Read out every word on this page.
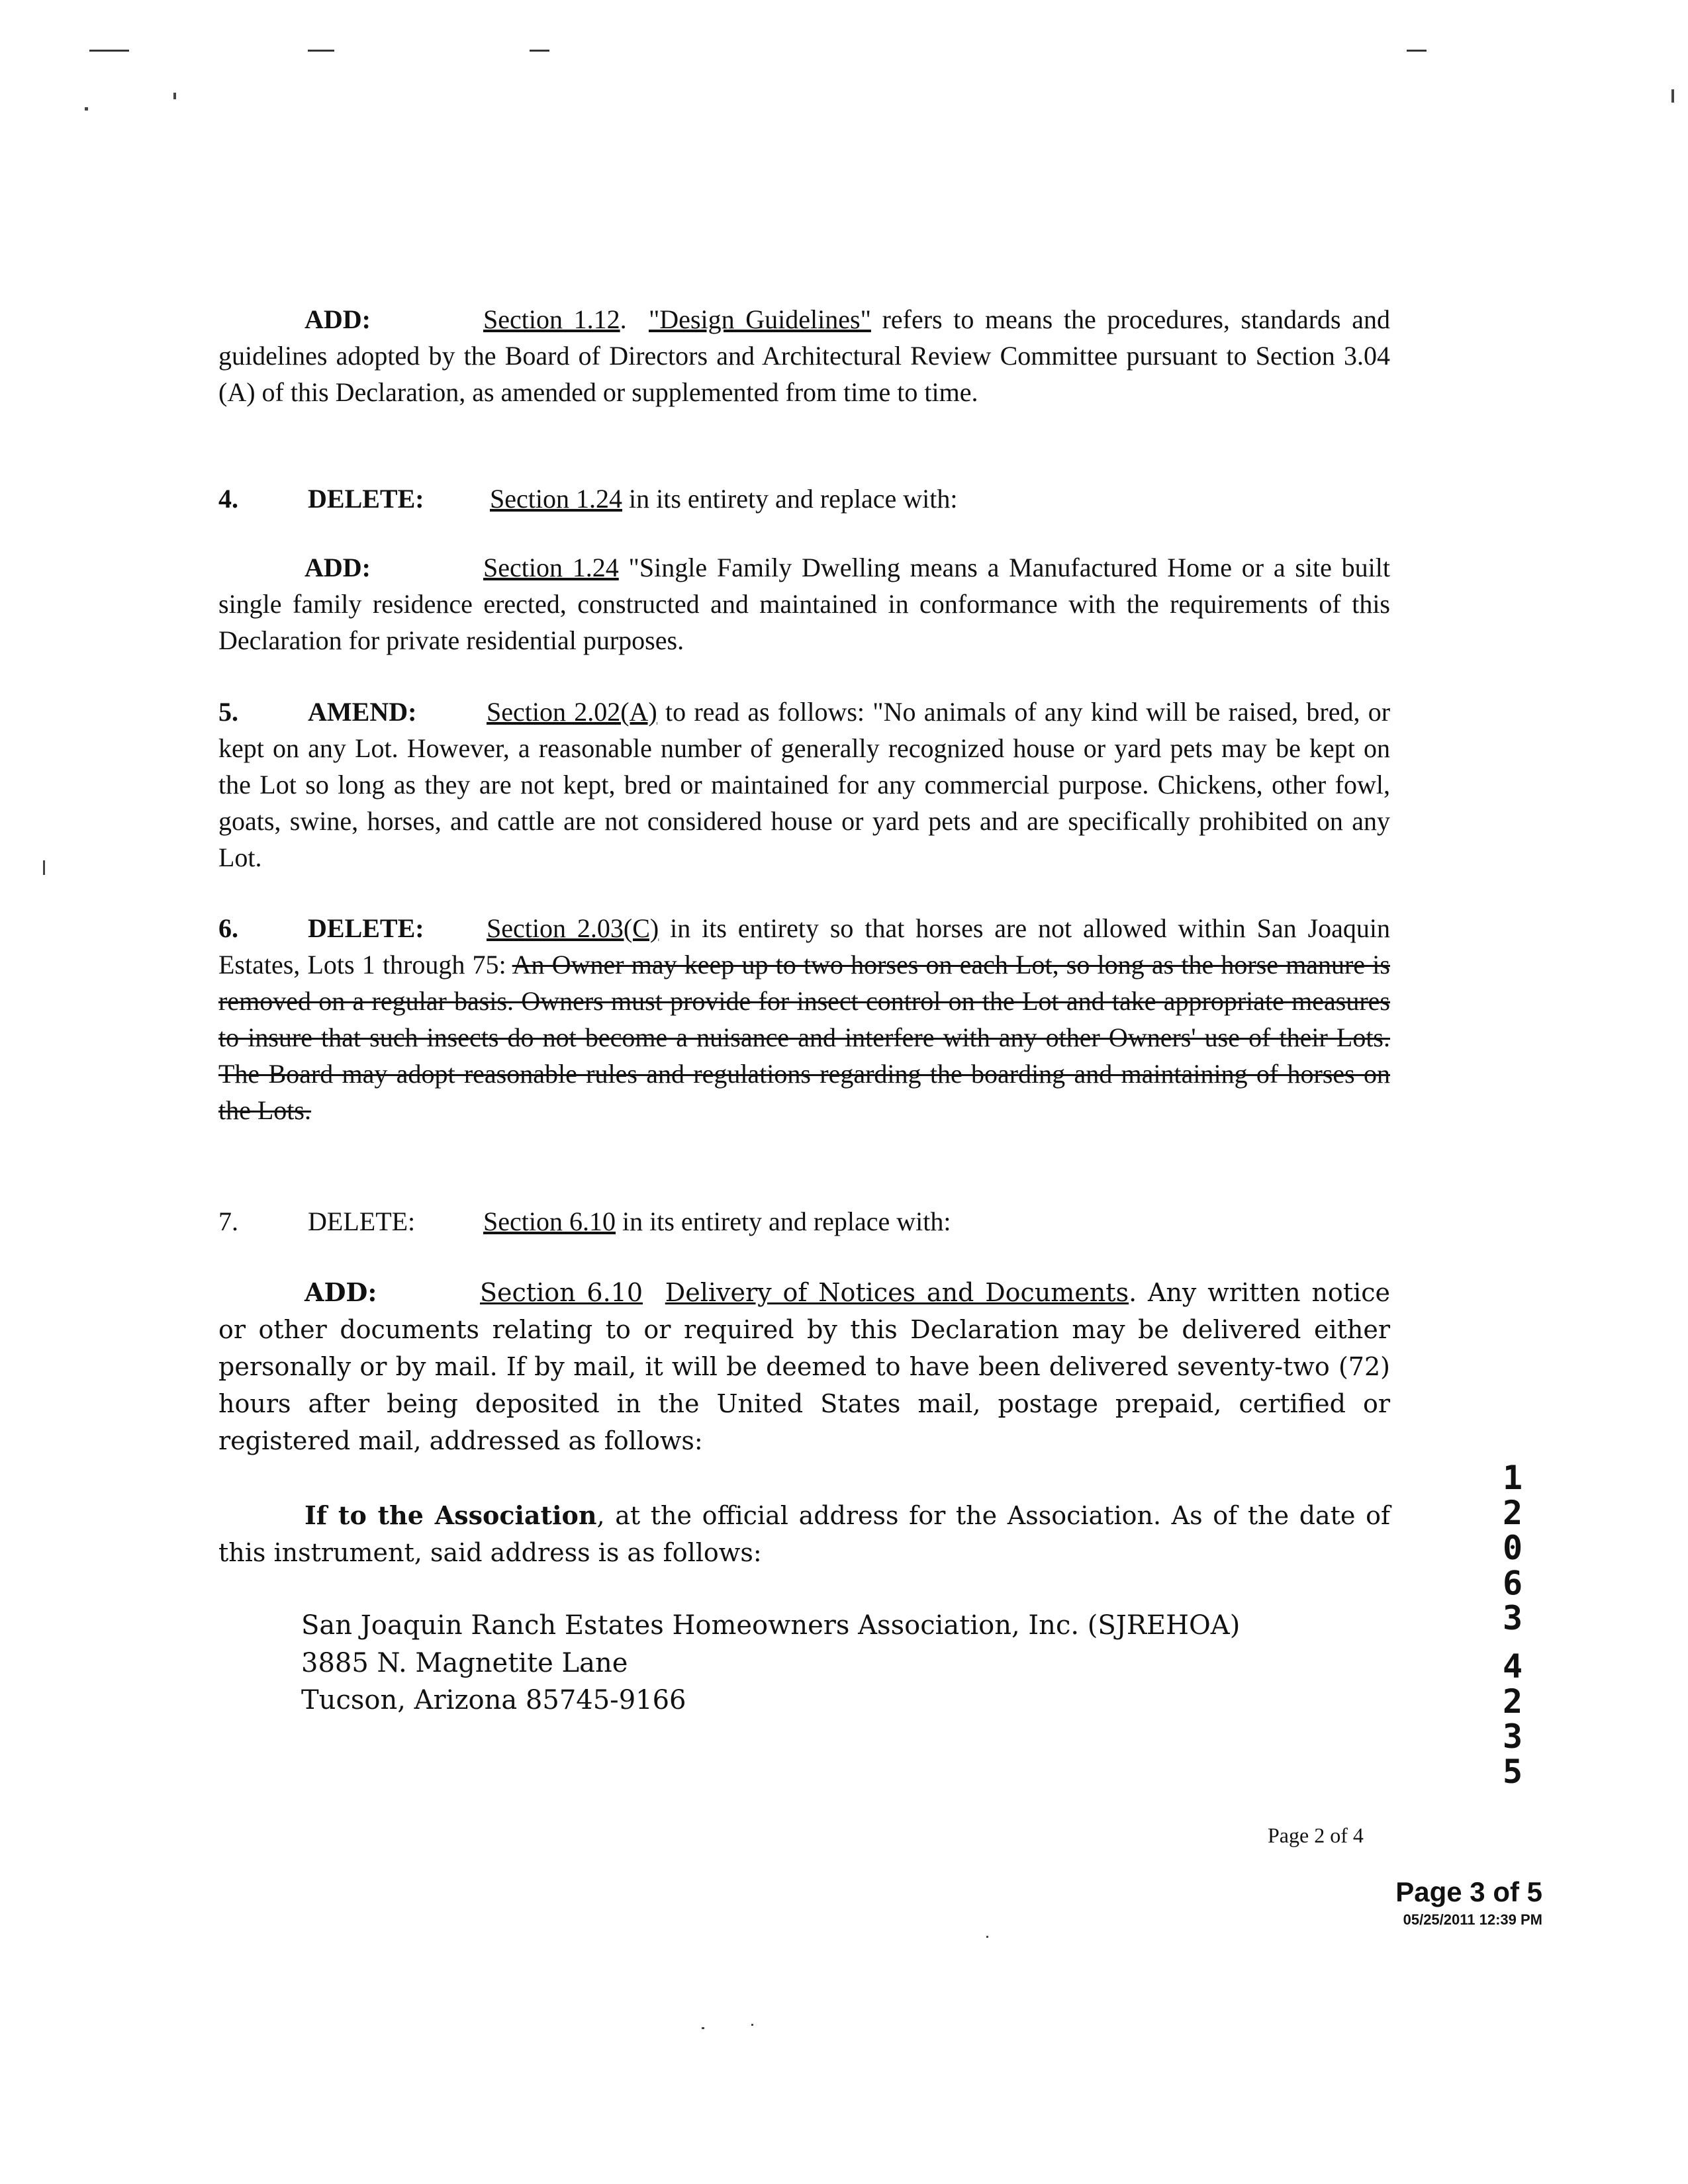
ADD:	Section 1.12. "Design Guidelines" refers to means the procedures, standards and guidelines adopted by the Board of Directors and Architectural Review Committee pursuant to Section 3.04 (A) of this Declaration, as amended or supplemented from time to time.

4.	DELETE: Section 1.24 in its entirety and replace with:

ADD:	Section 1.24 "Single Family Dwelling means a Manufactured Home or a site built single family residence erected, constructed and maintained in conformance with the requirements of this Declaration for private residential purposes.

5.	AMEND:	Section 2.02(A) to read as follows: "No animals of any kind will be raised, bred, or kept on any Lot. However, a reasonable number of generally recognized house or yard pets may be kept on the Lot so long as they are not kept, bred or maintained for any commercial purpose. Chickens, other fowl, goats, swine, horses, and cattle are not considered house or yard pets and are specifically prohibited on any Lot.

6.	DELETE: Section 2.03(C) in its entirety so that horses are not allowed within San Joaquin Estates, Lots 1 through 75: An Owner may keep up to two horses on each Lot, so long as the horse manure is removed on a regular basis. Owners must provide for insect control on the Lot and take appropriate measures to insure that such insects do not become a nuisance and interfere with any other Owners' use of their Lots. The Board may adopt reasonable rules and regulations regarding the boarding and maintaining of horses on the Lots.

7.	DELETE:	Section 6.10 in its entirety and replace with:

ADD:	Section 6.10 Delivery of Notices and Documents. Any written notice or other documents relating to or required by this Declaration may be delivered either personally or by mail. If by mail, it will be deemed to have been delivered seventy-two (72) hours after being deposited in the United States mail, postage prepaid, certified or registered mail, addressed as follows:

If to the Association, at the official address for the Association. As of the date of this instrument, said address is as follows:

San Joaquin Ranch Estates Homeowners Association, Inc. (SJREHOA)
3885 N. Magnetite Lane
Tucson, Arizona 85745-9166
1
2
0
6
3
4
2
3
5
Page 2 of 4
Page 3 of 5
05/25/2011 12:39 PM
